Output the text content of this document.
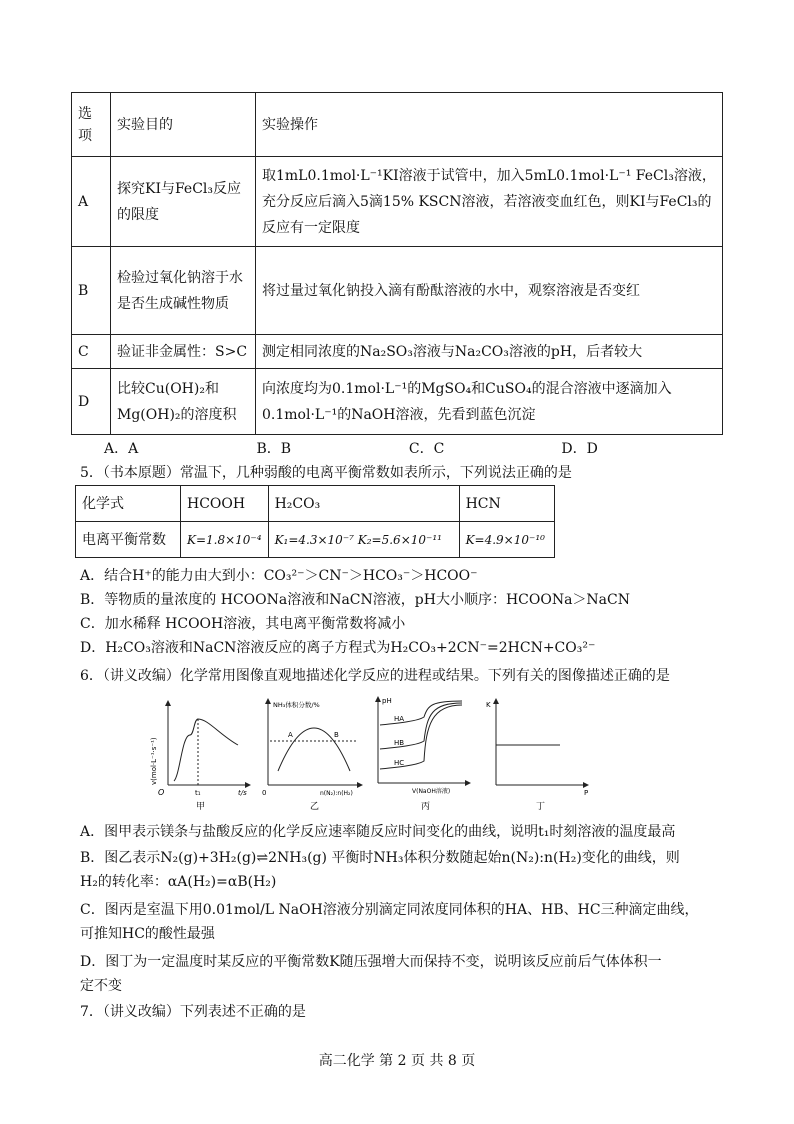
选项	实验目的	实验操作
A	探究KI与FeCl₃反应的限度	取1mL0.1mol·L⁻¹KI溶液于试管中，加入5mL0.1mol·L⁻¹ FeCl₃溶液，充分反应后滴入5滴15% KSCN溶液，若溶液变血红色，则KI与FeCl₃的反应有一定限度
B	检验过氧化钠溶于水是否生成碱性物质	将过量过氧化钠投入滴有酚酞溶液的水中，观察溶液是否变红
C	验证非金属性：S>C	测定相同浓度的Na₂SO₃溶液与Na₂CO₃溶液的pH，后者较大
D	比较Cu(OH)₂和Mg(OH)₂的溶度积	向浓度均为0.1mol·L⁻¹的MgSO₄和CuSO₄的混合溶液中逐滴加入0.1mol·L⁻¹的NaOH溶液，先看到蓝色沉淀
A．A	B．B	C．C	D．D
5．（书本原题）常温下，几种弱酸的电离平衡常数如表所示，下列说法正确的是
化学式	HCOOH	H₂CO₃	HCN
电离平衡常数	K=1.8×10⁻⁴	K₁=4.3×10⁻⁷ K₂=5.6×10⁻¹¹	K=4.9×10⁻¹⁰
A．结合H⁺的能力由大到小：CO₃²⁻＞CN⁻＞HCO₃⁻＞HCOO⁻
B．等物质的量浓度的 HCOONa溶液和NaCN溶液，pH大小顺序：HCOONa＞NaCN
C．加水稀释 HCOOH溶液，其电离平衡常数将减小
D．H₂CO₃溶液和NaCN溶液反应的离子方程式为H₂CO₃+2CN⁻=2HCN+CO₃²⁻
6．（讲义改编）化学常用图像直观地描述化学反应的进程或结果。下列有关的图像描述正确的是
v(mol·L⁻¹·s⁻¹)
O	t₁	t/s
甲
NH₃体积分数/%
A	B
0	n(N₂):n(H₂)
乙
pH
HA
HB
HC
V(NaOH溶液)
丙
K
P
丁
A．图甲表示镁条与盐酸反应的化学反应速率随反应时间变化的曲线，说明t₁时刻溶液的温度最高
B．图乙表示N₂(g)+3H₂(g)⇌2NH₃(g) 平衡时NH₃体积分数随起始n(N₂):n(H₂)变化的曲线，则
H₂的转化率：αA(H₂)=αB(H₂)
C．图丙是室温下用0.01mol/L NaOH溶液分别滴定同浓度同体积的HA、HB、HC三种滴定曲线，
可推知HC的酸性最强
D．图丁为一定温度时某反应的平衡常数K随压强增大而保持不变，说明该反应前后气体体积一
定不变
7．（讲义改编）下列表述不正确的是
高二化学 第 2 页 共 8 页
